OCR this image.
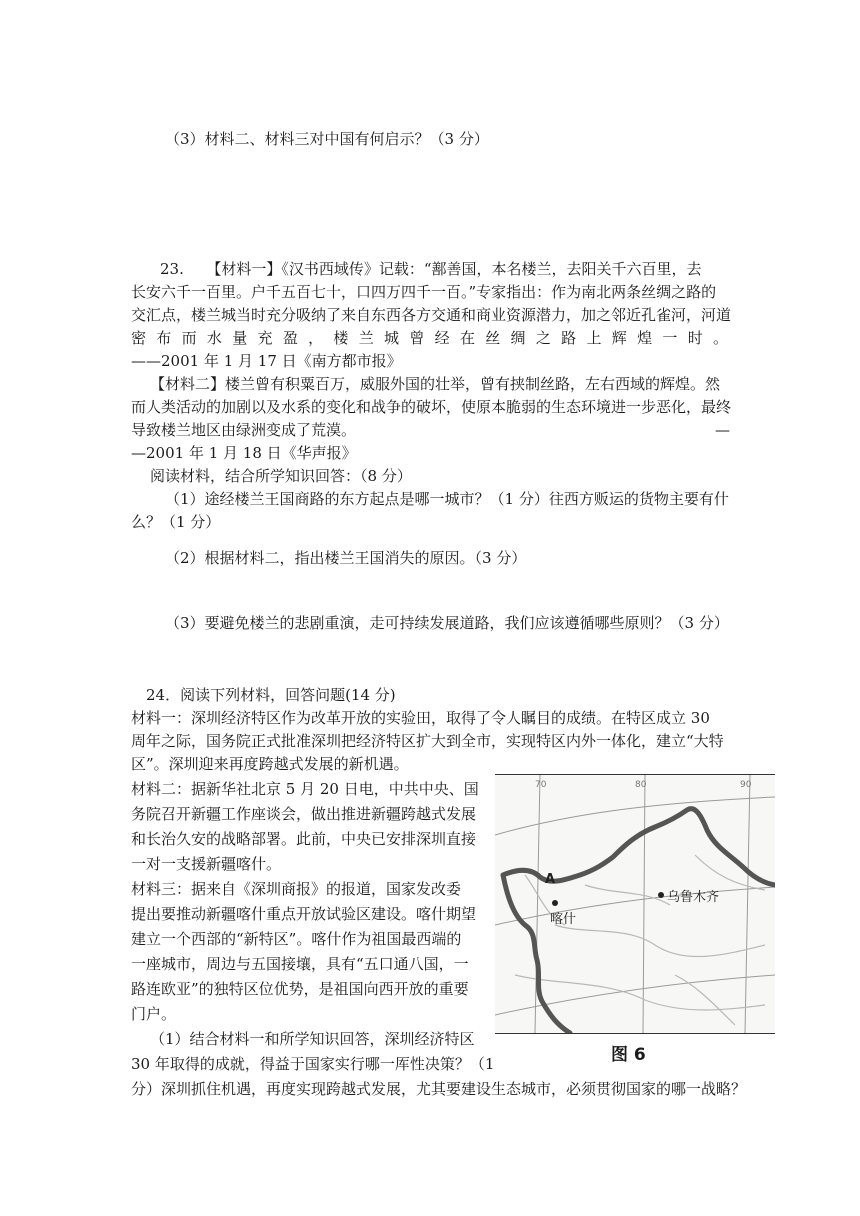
（3）材料二、材料三对中国有何启示？（3 分）
23.　　【材料一】《汉书西域传》记载：“鄯善国，本名楼兰，去阳关千六百里，去
长安六千一百里。户千五百七十，口四万四千一百。”专家指出：作为南北两条丝绸之路的
交汇点，楼兰城当时充分吸纳了来自东西各方交通和商业资源潜力，加之邻近孔雀河，河道
密 布 而 水 量 充 盈 ， 楼 兰 城 曾 经 在 丝 绸 之 路 上 辉 煌 一 时 。
——2001 年 1 月 17 日《南方都市报》
【材料二】楼兰曾有积粟百万，威服外国的壮举，曾有挟制丝路，左右西域的辉煌。然
而人类活动的加剧以及水系的变化和战争的破坏，使原本脆弱的生态环境进一步恶化，最终
导致楼兰地区由绿洲变成了荒漠。	—
—2001 年 1 月 18 日《华声报》
阅读材料，结合所学知识回答：（8 分）
（1）途经楼兰王国商路的东方起点是哪一城市？（1 分）往西方贩运的货物主要有什
么？（1 分）
（2）根据材料二，指出楼兰王国消失的原因。（3 分）
（3）要避免楼兰的悲剧重演，走可持续发展道路，我们应该遵循哪些原则？（3 分）
24．阅读下列材料，回答问题(14 分)
材料一：深圳经济特区作为改革开放的实验田，取得了令人瞩目的成绩。在特区成立 30
周年之际，国务院正式批准深圳把经济特区扩大到全市，实现特区内外一体化，建立“大特
区”。深圳迎来再度跨越式发展的新机遇。
材料二：据新华社北京 5 月 20 日电，中共中央、国
务院召开新疆工作座谈会，做出推进新疆跨越式发展
和长治久安的战略部署。此前，中央已安排深圳直接
一对一支援新疆喀什。
材料三：据来自《深圳商报》的报道，国家发改委
提出要推动新疆喀什重点开放试验区建设。喀什期望
建立一个西部的“新特区”。喀什作为祖国最西端的
一座城市，周边与五国接壤，具有“五口通八国，一
路连欧亚”的独特区位优势，是祖国向西开放的重要
门户。
（1）结合材料一和所学知识回答，深圳经济特区
30 年取得的成就，得益于国家实行哪一厍性决策？（1
分）深圳抓住机遇，再度实现跨越式发展，尤其要建设生态城市，必须贯彻国家的哪一战略？
70	80	90
A
喀什
乌鲁木齐
图 6
